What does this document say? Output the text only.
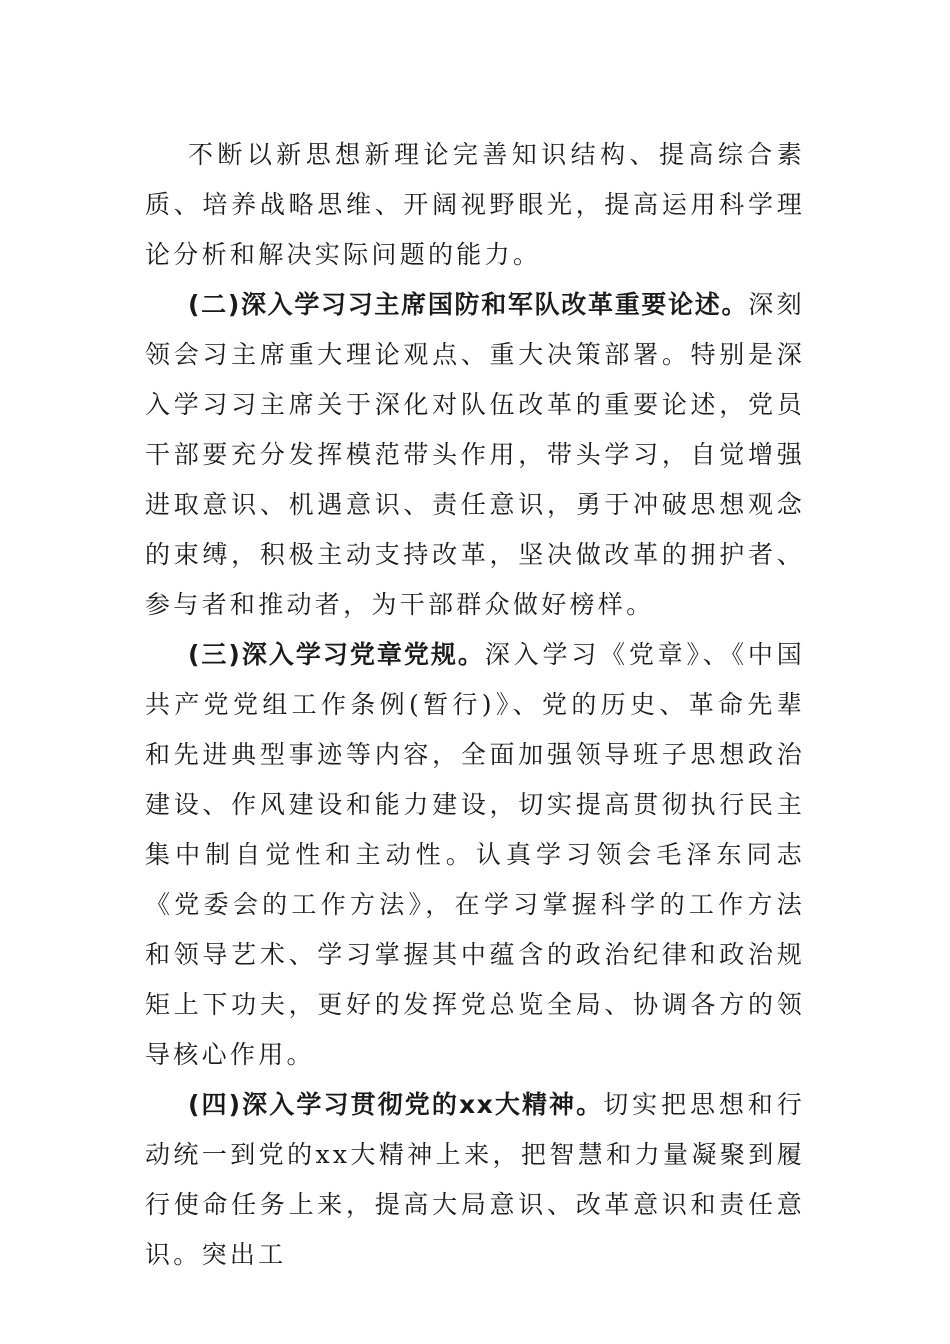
不断以新思想新理论完善知识结构、提高综合素质、培养战略思维、开阔视野眼光，提高运用科学理论分析和解决实际问题的能力。

(二)深入学习习主席国防和军队改革重要论述。深刻领会习主席重大理论观点、重大决策部署。特别是深入学习习主席关于深化对队伍改革的重要论述，党员干部要充分发挥模范带头作用，带头学习，自觉增强进取意识、机遇意识、责任意识，勇于冲破思想观念的束缚，积极主动支持改革，坚决做改革的拥护者、参与者和推动者，为干部群众做好榜样。

(三)深入学习党章党规。深入学习《党章》、《中国共产党党组工作条例(暂行)》、党的历史、革命先辈和先进典型事迹等内容，全面加强领导班子思想政治建设、作风建设和能力建设，切实提高贯彻执行民主集中制自觉性和主动性。认真学习领会毛泽东同志《党委会的工作方法》，在学习掌握科学的工作方法和领导艺术、学习掌握其中蕴含的政治纪律和政治规矩上下功夫，更好的发挥党总览全局、协调各方的领导核心作用。

(四)深入学习贯彻党的xx大精神。切实把思想和行动统一到党的xx大精神上来，把智慧和力量凝聚到履行使命任务上来，提高大局意识、改革意识和责任意识。突出工
